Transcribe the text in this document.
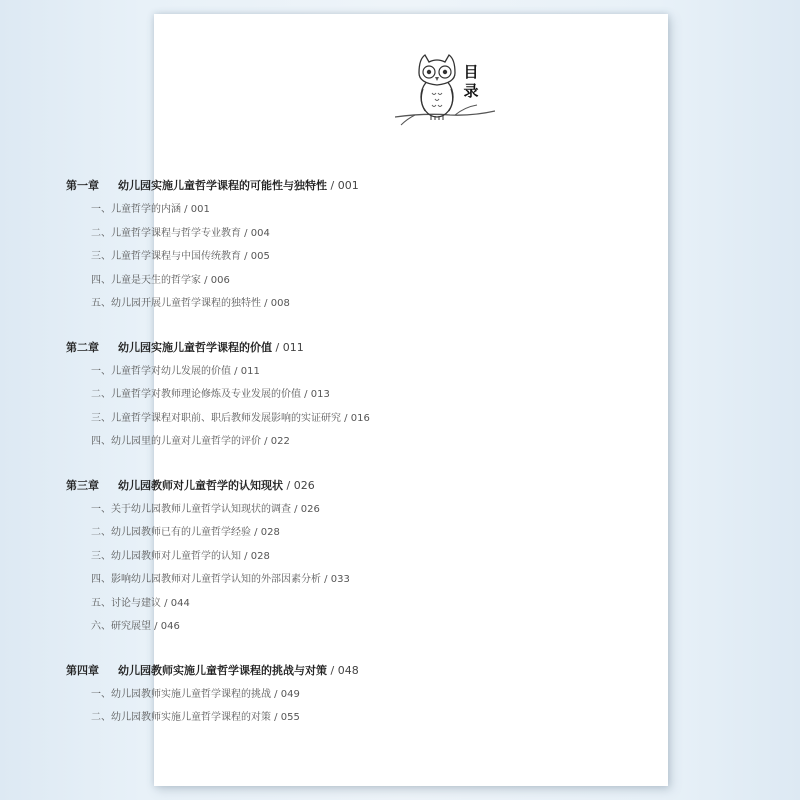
目录
第一章 幼儿园实施儿童哲学课程的可能性与独特性 / 001
一、儿童哲学的内涵 / 001
二、儿童哲学课程与哲学专业教育 / 004
三、儿童哲学课程与中国传统教育 / 005
四、儿童是天生的哲学家 / 006
五、幼儿园开展儿童哲学课程的独特性 / 008
第二章 幼儿园实施儿童哲学课程的价值 / 011
一、儿童哲学对幼儿发展的价值 / 011
二、儿童哲学对教师理论修炼及专业发展的价值 / 013
三、儿童哲学课程对职前、职后教师发展影响的实证研究 / 016
四、幼儿园里的儿童对儿童哲学的评价 / 022
第三章 幼儿园教师对儿童哲学的认知现状 / 026
一、关于幼儿园教师儿童哲学认知现状的调查 / 026
二、幼儿园教师已有的儿童哲学经验 / 028
三、幼儿园教师对儿童哲学的认知 / 028
四、影响幼儿园教师对儿童哲学认知的外部因素分析 / 033
五、讨论与建议 / 044
六、研究展望 / 046
第四章 幼儿园教师实施儿童哲学课程的挑战与对策 / 048
一、幼儿园教师实施儿童哲学课程的挑战 / 049
二、幼儿园教师实施儿童哲学课程的对策 / 055
